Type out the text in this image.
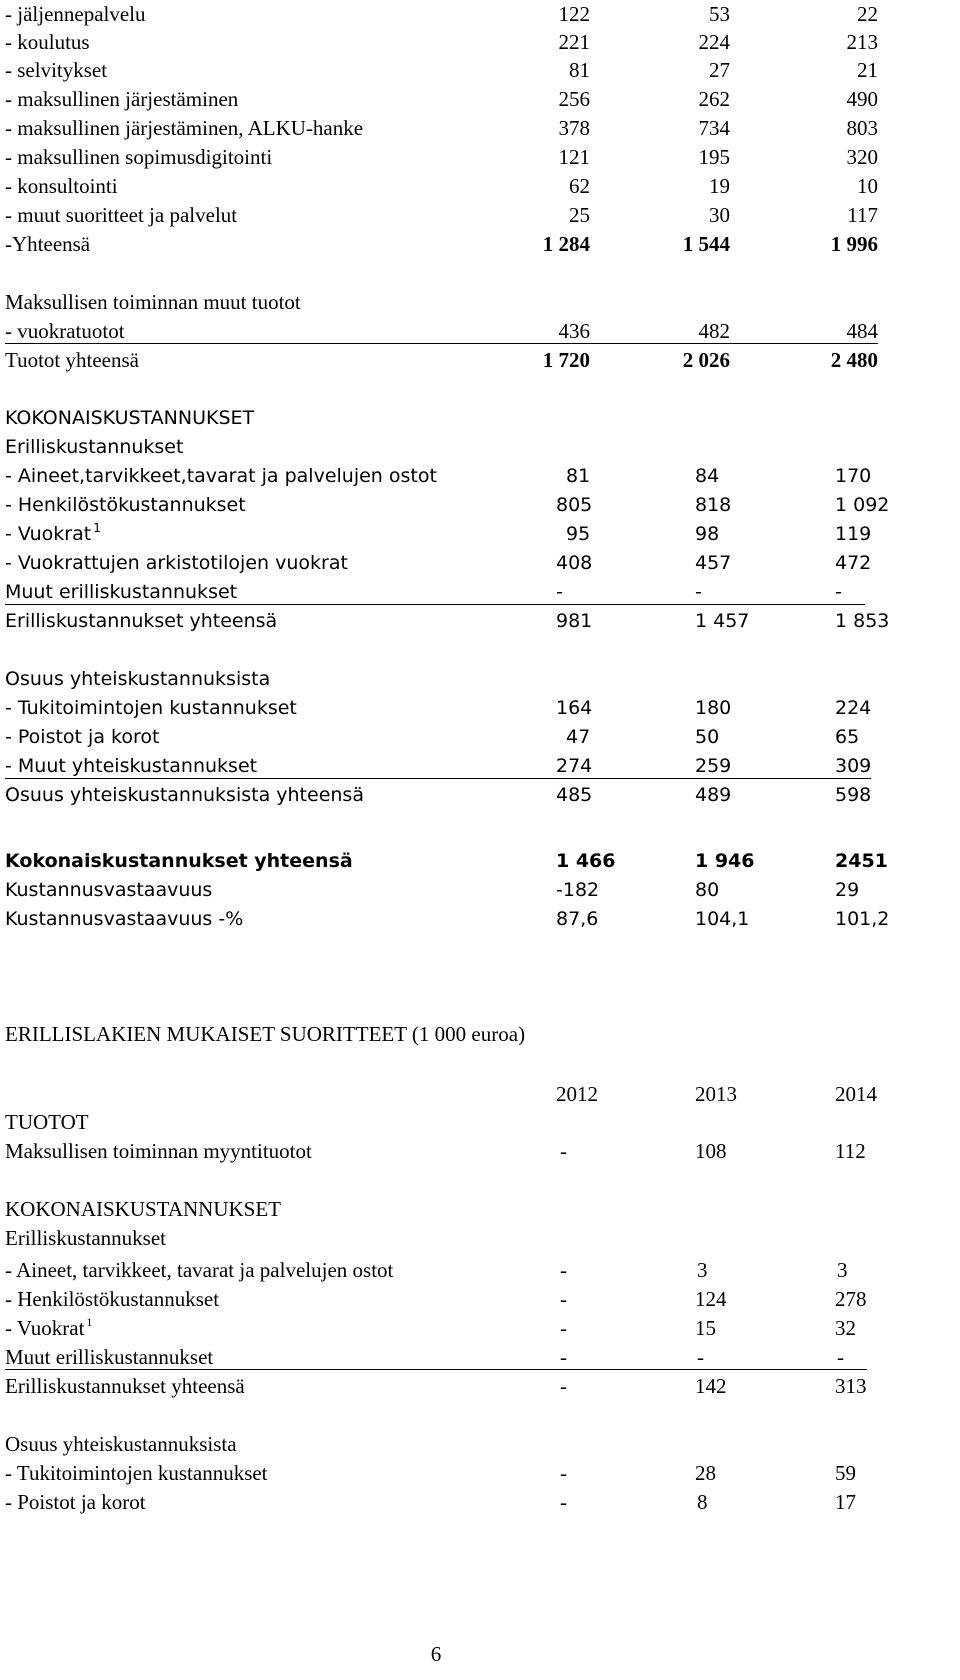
- jäljennepalvelu	122	53	22
- koulutus	221	224	213
- selvitykset	81	27	21
- maksullinen järjestäminen	256	262	490
- maksullinen järjestäminen, ALKU-hanke	378	734	803
- maksullinen sopimusdigitointi	121	195	320
- konsultointi	62	19	10
- muut suoritteet ja palvelut	25	30	117
-Yhteensä	1 284	1 544	1 996
Maksullisen toiminnan muut tuotot
- vuokratuotot	436	482	484
Tuotot yhteensä	1 720	2 026	2 480
KOKONAISKUSTANNUKSET
Erilliskustannukset
- Aineet,tarvikkeet,tavarat ja palvelujen ostot	81	84	170
- Henkilöstökustannukset	805	818	1 092
- Vuokrat $^1$	95	98	119
- Vuokrattujen arkistotilojen vuokrat	408	457	472
Muut erilliskustannukset	-	-	-
Erilliskustannukset yhteensä	981	1 457	1 853
Osuus yhteiskustannuksista
- Tukitoimintojen kustannukset	164	180	224
- Poistot ja korot	47	50	65
- Muut yhteiskustannukset	274	259	309
Osuus yhteiskustannuksista yhteensä	485	489	598
Kokonaiskustannukset yhteensä	1 466	1 946	2451
Kustannusvastaavuus	-182	80	29
Kustannusvastaavuus -%	87,6	104,1	101,2
ERILLISLAKIEN MUKAISET SUORITTEET (1 000 euroa)
2012	2013	2014
TUOTOT
Maksullisen toiminnan myyntituotot	-	108	112
KOKONAISKUSTANNUKSET
Erilliskustannukset
- Aineet, tarvikkeet, tavarat ja palvelujen ostot	-	3	3
- Henkilöstökustannukset	-	124	278
- Vuokrat $^1$	-	15	32
Muut erilliskustannukset	-	-	-
Erilliskustannukset yhteensä	-	142	313
Osuus yhteiskustannuksista
- Tukitoimintojen kustannukset	-	28	59
- Poistot ja korot	-	8	17
6
